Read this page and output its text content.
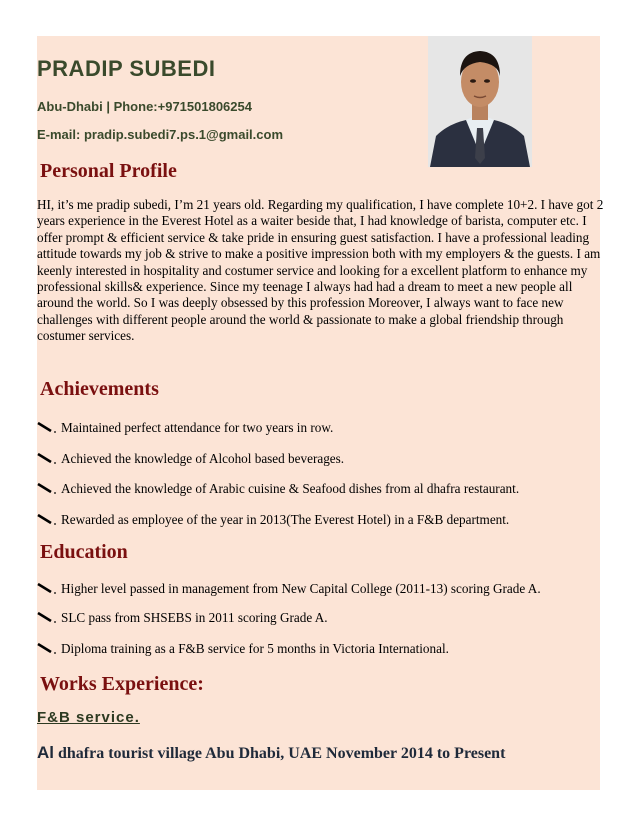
PRADIP SUBEDI
Abu-Dhabi | Phone:+971501806254
E-mail: pradip.subedi7.ps.1@gmail.com
Personal Profile
HI, it’s me pradip subedi, I’m 21 years old. Regarding my qualification, I have complete 10+2. I have got 2 years experience in the Everest Hotel as a waiter beside that, I had knowledge of barista, computer etc. I offer prompt & efficient service & take pride in ensuring guest satisfaction. I have a professional leading attitude towards my job & strive to make a positive impression both with my employers & the guests. I am keenly interested in hospitality and costumer service and looking for a excellent platform to enhance my professional skills& experience. Since my teenage I always had had a dream to meet a new people all around the world. So I was deeply obsessed by this profession Moreover, I always want to face new challenges with different people around the world & passionate to make a global friendship through costumer services.
Achievements
Maintained perfect attendance for two years in row.
Achieved the knowledge of Alcohol based beverages.
Achieved the knowledge of Arabic cuisine & Seafood dishes from al dhafra restaurant.
Rewarded as employee of the year in 2013(The Everest Hotel) in a F&B department.
Education
Higher level passed in management from New Capital College (2011-13) scoring Grade A.
SLC pass from SHSEBS in 2011 scoring Grade A.
Diploma training as a F&B service for 5 months in Victoria International.
Works Experience:
F&B service.
Al dhafra tourist village Abu Dhabi, UAE November 2014 to Present
